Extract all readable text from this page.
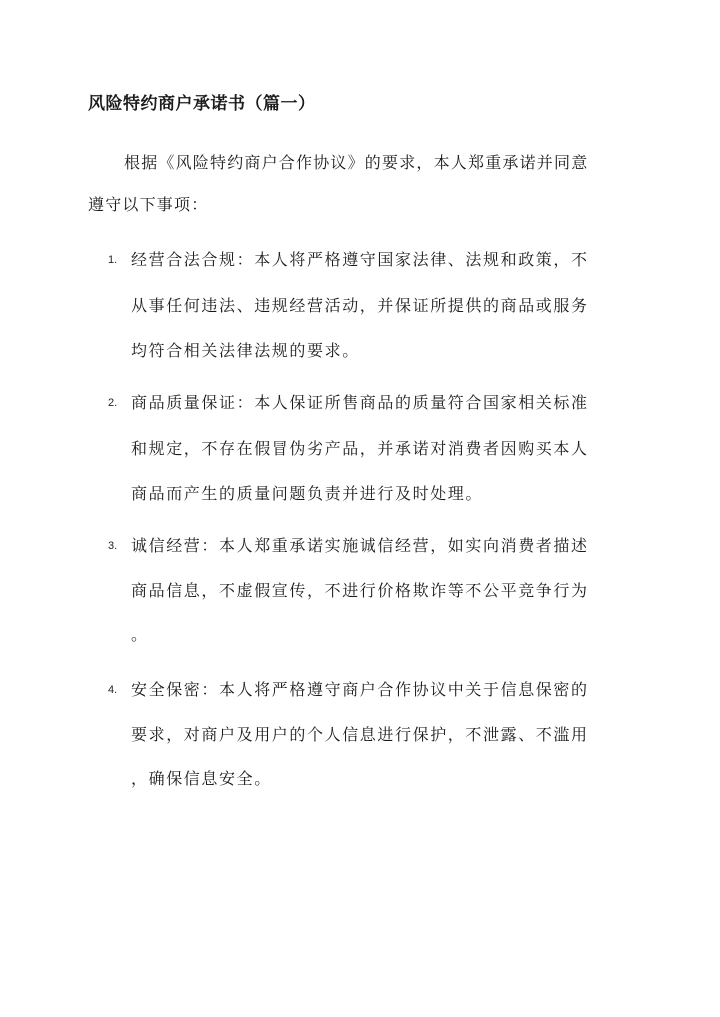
风险特约商户承诺书（篇一）
根据《风险特约商户合作协议》的要求，本人郑重承诺并同意
遵守以下事项：
1. 经营合法合规：本人将严格遵守国家法律、法规和政策，不
从事任何违法、违规经营活动，并保证所提供的商品或服务
均符合相关法律法规的要求。
2. 商品质量保证：本人保证所售商品的质量符合国家相关标准
和规定，不存在假冒伪劣产品，并承诺对消费者因购买本人
商品而产生的质量问题负责并进行及时处理。
3. 诚信经营：本人郑重承诺实施诚信经营，如实向消费者描述
商品信息，不虚假宣传，不进行价格欺诈等不公平竞争行为
。
4. 安全保密：本人将严格遵守商户合作协议中关于信息保密的
要求，对商户及用户的个人信息进行保护，不泄露、不滥用
，确保信息安全。
